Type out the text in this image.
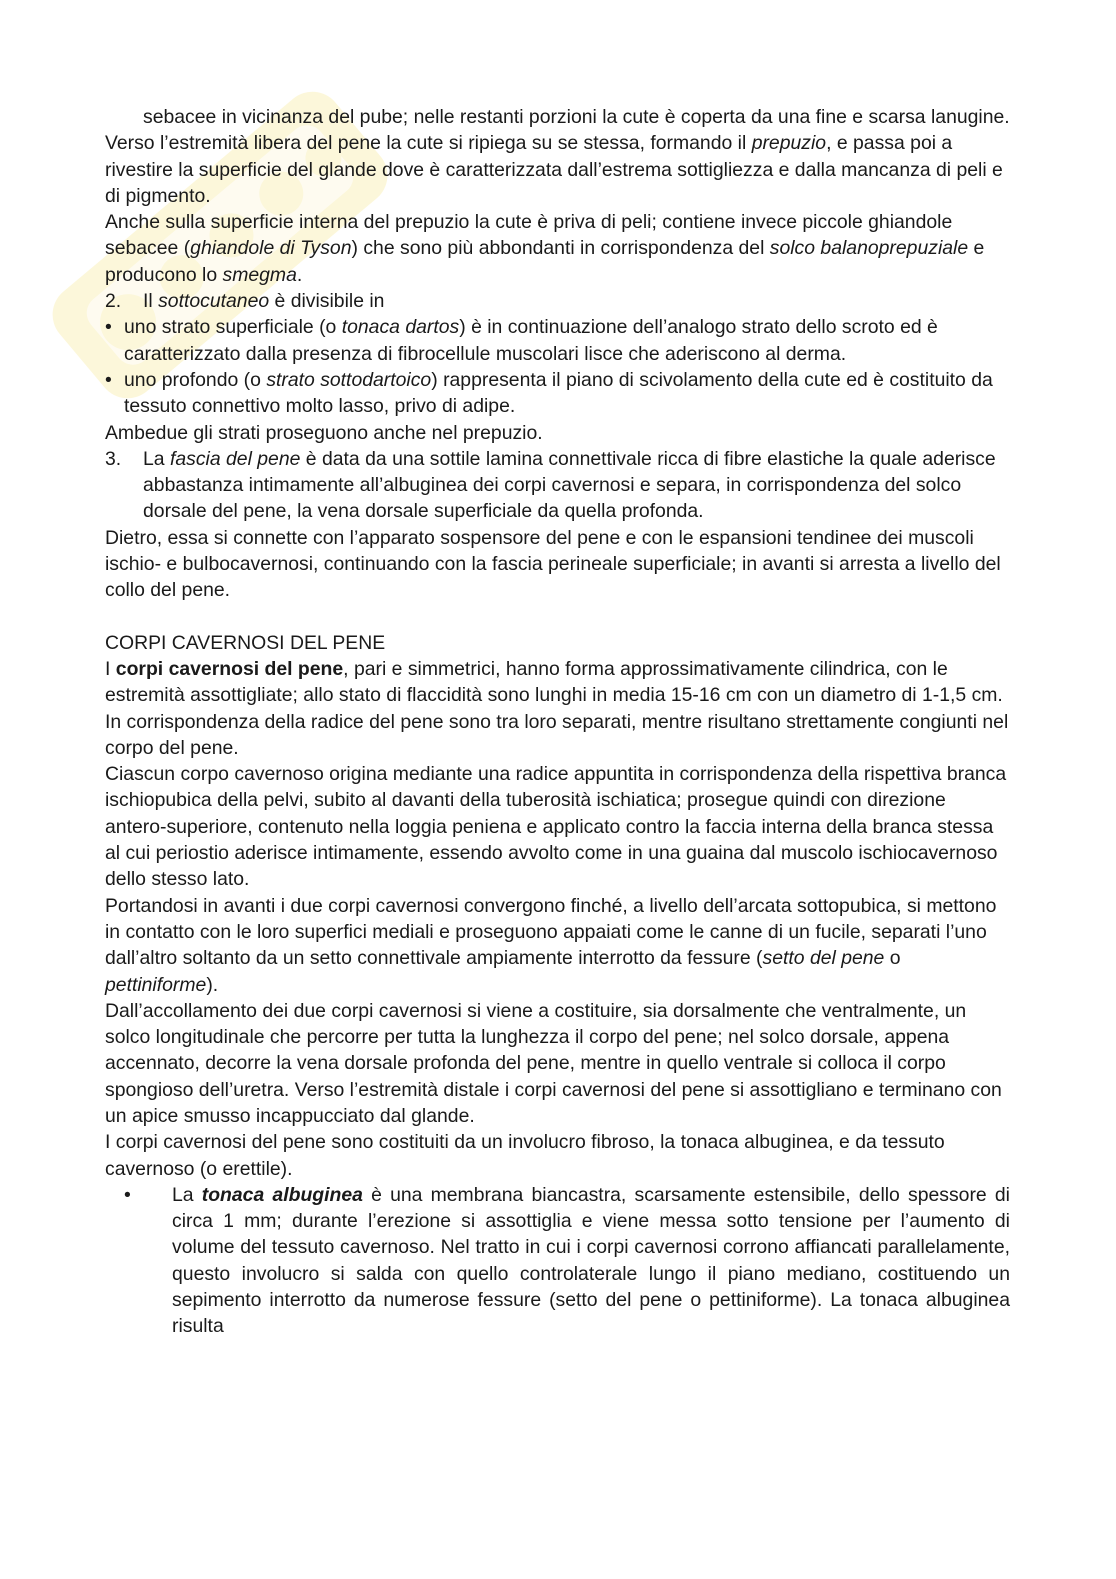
sebacee in vicinanza del pube; nelle restanti porzioni la cute è coperta da una fine e scarsa lanugine.

Verso l’estremità libera del pene la cute si ripiega su se stessa, formando il prepuzio, e passa poi a rivestire la superficie del glande dove è caratterizzata dall’estrema sottigliezza e dalla mancanza di peli e di pigmento.

Anche sulla superficie interna del prepuzio la cute è priva di peli; contiene invece piccole ghiandole sebacee (ghiandole di Tyson) che sono più abbondanti in corrispondenza del solco balanoprepuziale e producono lo smegma.

2. Il sottocutaneo è divisibile in

• uno strato superficiale (o tonaca dartos) è in continuazione dell’analogo strato dello scroto ed è caratterizzato dalla presenza di fibrocellule muscolari lisce che aderiscono al derma.

• uno profondo (o strato sottodartoico) rappresenta il piano di scivolamento della cute ed è costituito da tessuto connettivo molto lasso, privo di adipe.

Ambedue gli strati proseguono anche nel prepuzio.

3. La fascia del pene è data da una sottile lamina connettivale ricca di fibre elastiche la quale aderisce abbastanza intimamente all’albuginea dei corpi cavernosi e separa, in corrispondenza del solco dorsale del pene, la vena dorsale superficiale da quella profonda.

Dietro, essa si connette con l’apparato sospensore del pene e con le espansioni tendinee dei muscoli ischio- e bulbocavernosi, continuando con la fascia perineale superficiale; in avanti si arresta a livello del collo del pene.

CORPI CAVERNOSI DEL PENE

I corpi cavernosi del pene, pari e simmetrici, hanno forma approssimativamente cilindrica, con le estremità assottigliate; allo stato di flaccidità sono lunghi in media 15-16 cm con un diametro di 1-1,5 cm.

In corrispondenza della radice del pene sono tra loro separati, mentre risultano strettamente congiunti nel corpo del pene.

Ciascun corpo cavernoso origina mediante una radice appuntita in corrispondenza della rispettiva branca ischiopubica della pelvi, subito al davanti della tuberosità ischiatica; prosegue quindi con direzione antero-superiore, contenuto nella loggia peniena e applicato contro la faccia interna della branca stessa al cui periostio aderisce intimamente, essendo avvolto come in una guaina dal muscolo ischiocavernoso dello stesso lato.

Portandosi in avanti i due corpi cavernosi convergono finché, a livello dell’arcata sottopubica, si mettono in contatto con le loro superfici mediali e proseguono appaiati come le canne di un fucile, separati l’uno dall’altro soltanto da un setto connettivale ampiamente interrotto da fessure (setto del pene o pettiniforme).

Dall’accollamento dei due corpi cavernosi si viene a costituire, sia dorsalmente che ventralmente, un solco longitudinale che percorre per tutta la lunghezza il corpo del pene; nel solco dorsale, appena accennato, decorre la vena dorsale profonda del pene, mentre in quello ventrale si colloca il corpo spongioso dell’uretra. Verso l’estremità distale i corpi cavernosi del pene si assottigliano e terminano con un apice smusso incappucciato dal glande.

I corpi cavernosi del pene sono costituiti da un involucro fibroso, la tonaca albuginea, e da tessuto cavernoso (o erettile).

• La tonaca albuginea è una membrana biancastra, scarsamente estensibile, dello spessore di circa 1 mm; durante l’erezione si assottiglia e viene messa sotto tensione per l’aumento di volume del tessuto cavernoso. Nel tratto in cui i corpi cavernosi corrono affiancati parallelamente, questo involucro si salda con quello controlaterale lungo il piano mediano, costituendo un sepimento interrotto da numerose fessure (setto del pene o pettiniforme). La tonaca albuginea risulta
